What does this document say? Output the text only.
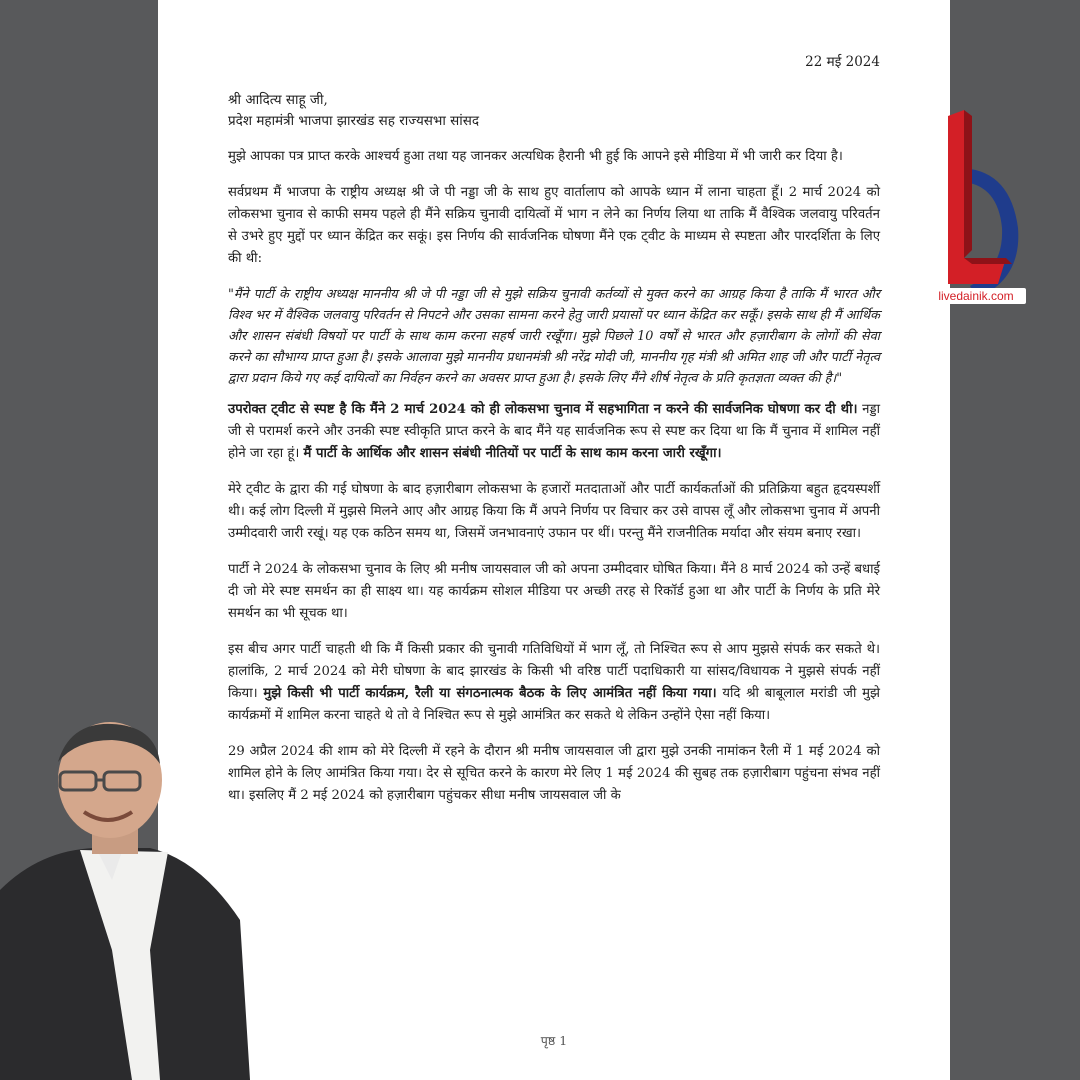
22 मई 2024
श्री आदित्य साहू जी,
प्रदेश महामंत्री भाजपा झारखंड सह राज्यसभा सांसद

मुझे आपका पत्र प्राप्त करके आश्चर्य हुआ तथा यह जानकर अत्यधिक हैरानी भी हुई कि आपने इसे मीडिया में भी जारी कर दिया है।

सर्वप्रथम मैं भाजपा के राष्ट्रीय अध्यक्ष श्री जे पी नड्डा जी के साथ हुए वार्तालाप को आपके ध्यान में लाना चाहता हूँ। 2 मार्च 2024 को लोकसभा चुनाव से काफी समय पहले ही मैंने सक्रिय चुनावी दायित्वों में भाग न लेने का निर्णय लिया था ताकि मैं वैश्विक जलवायु परिवर्तन से उभरे हुए मुद्दों पर ध्यान केंद्रित कर सकूं। इस निर्णय की सार्वजनिक घोषणा मैंने एक ट्वीट के माध्यम से स्पष्टता और पारदर्शिता के लिए की थी:

"मैंने पार्टी के राष्ट्रीय अध्यक्ष माननीय श्री जे पी नड्डा जी से मुझे सक्रिय चुनावी कर्तव्यों से मुक्त करने का आग्रह किया है ताकि मैं भारत और विश्व भर में वैश्विक जलवायु परिवर्तन से निपटने और उसका सामना करने हेतु जारी प्रयासों पर ध्यान केंद्रित कर सकूँ। इसके साथ ही मैं आर्थिक और शासन संबंधी विषयों पर पार्टी के साथ काम करना सहर्ष जारी रखूँगा। मुझे पिछले 10 वर्षों से भारत और हज़ारीबाग के लोगों की सेवा करने का सौभाग्य प्राप्त हुआ है। इसके आलावा मुझे माननीय प्रधानमंत्री श्री नरेंद्र मोदी जी, माननीय गृह मंत्री श्री अमित शाह जी और पार्टी नेतृत्व द्वारा प्रदान किये गए कई दायित्वों का निर्वहन करने का अवसर प्राप्त हुआ है। इसके लिए मैंने शीर्ष नेतृत्व के प्रति कृतज्ञता व्यक्त की है।"

उपरोक्त ट्वीट से स्पष्ट है कि मैंने 2 मार्च 2024 को ही लोकसभा चुनाव में सहभागिता न करने की सार्वजनिक घोषणा कर दी थी। नड्डा जी से परामर्श करने और उनकी स्पष्ट स्वीकृति प्राप्त करने के बाद मैंने यह सार्वजनिक रूप से स्पष्ट कर दिया था कि मैं चुनाव में शामिल नहीं होने जा रहा हूं। मैं पार्टी के आर्थिक और शासन संबंधी नीतियों पर पार्टी के साथ काम करना जारी रखूँगा।

मेरे ट्वीट के द्वारा की गई घोषणा के बाद हज़ारीबाग लोकसभा के हजारों मतदाताओं और पार्टी कार्यकर्ताओं की प्रतिक्रिया बहुत हृदयस्पर्शी थी। कई लोग दिल्ली में मुझसे मिलने आए और आग्रह किया कि मैं अपने निर्णय पर विचार कर उसे वापस लूँ और लोकसभा चुनाव में अपनी उम्मीदवारी जारी रखूं। यह एक कठिन समय था, जिसमें जनभावनाएं उफान पर थीं। परन्तु मैंने राजनीतिक मर्यादा और संयम बनाए रखा।

पार्टी ने 2024 के लोकसभा चुनाव के लिए श्री मनीष जायसवाल जी को अपना उम्मीदवार घोषित किया। मैंने 8 मार्च 2024 को उन्हें बधाई दी जो मेरे स्पष्ट समर्थन का ही साक्ष्य था। यह कार्यक्रम सोशल मीडिया पर अच्छी तरह से रिकॉर्ड हुआ था और पार्टी के निर्णय के प्रति मेरे समर्थन का भी सूचक था।

इस बीच अगर पार्टी चाहती थी कि मैं किसी प्रकार की चुनावी गतिविधियों में भाग लूँ, तो निश्चित रूप से आप मुझसे संपर्क कर सकते थे। हालांकि, 2 मार्च 2024 को मेरी घोषणा के बाद झारखंड के किसी भी वरिष्ठ पार्टी पदाधिकारी या सांसद/विधायक ने मुझसे संपर्क नहीं किया। मुझे किसी भी पार्टी कार्यक्रम, रैली या संगठनात्मक बैठक के लिए आमंत्रित नहीं किया गया। यदि श्री बाबूलाल मरांडी जी मुझे कार्यक्रमों में शामिल करना चाहते थे तो वे निश्चित रूप से मुझे आमंत्रित कर सकते थे लेकिन उन्होंने ऐसा नहीं किया।

29 अप्रैल 2024 की शाम को मेरे दिल्ली में रहने के दौरान श्री मनीष जायसवाल जी द्वारा मुझे उनकी नामांकन रैली में 1 मई 2024 को शामिल होने के लिए आमंत्रित किया गया। देर से सूचित करने के कारण मेरे लिए 1 मई 2024 की सुबह तक हज़ारीबाग पहुंचना संभव नहीं था। इसलिए मैं 2 मई 2024 को हज़ारीबाग पहुंचकर सीधा मनीष जायसवाल जी के

पृष्ठ 1
livedainik.com
